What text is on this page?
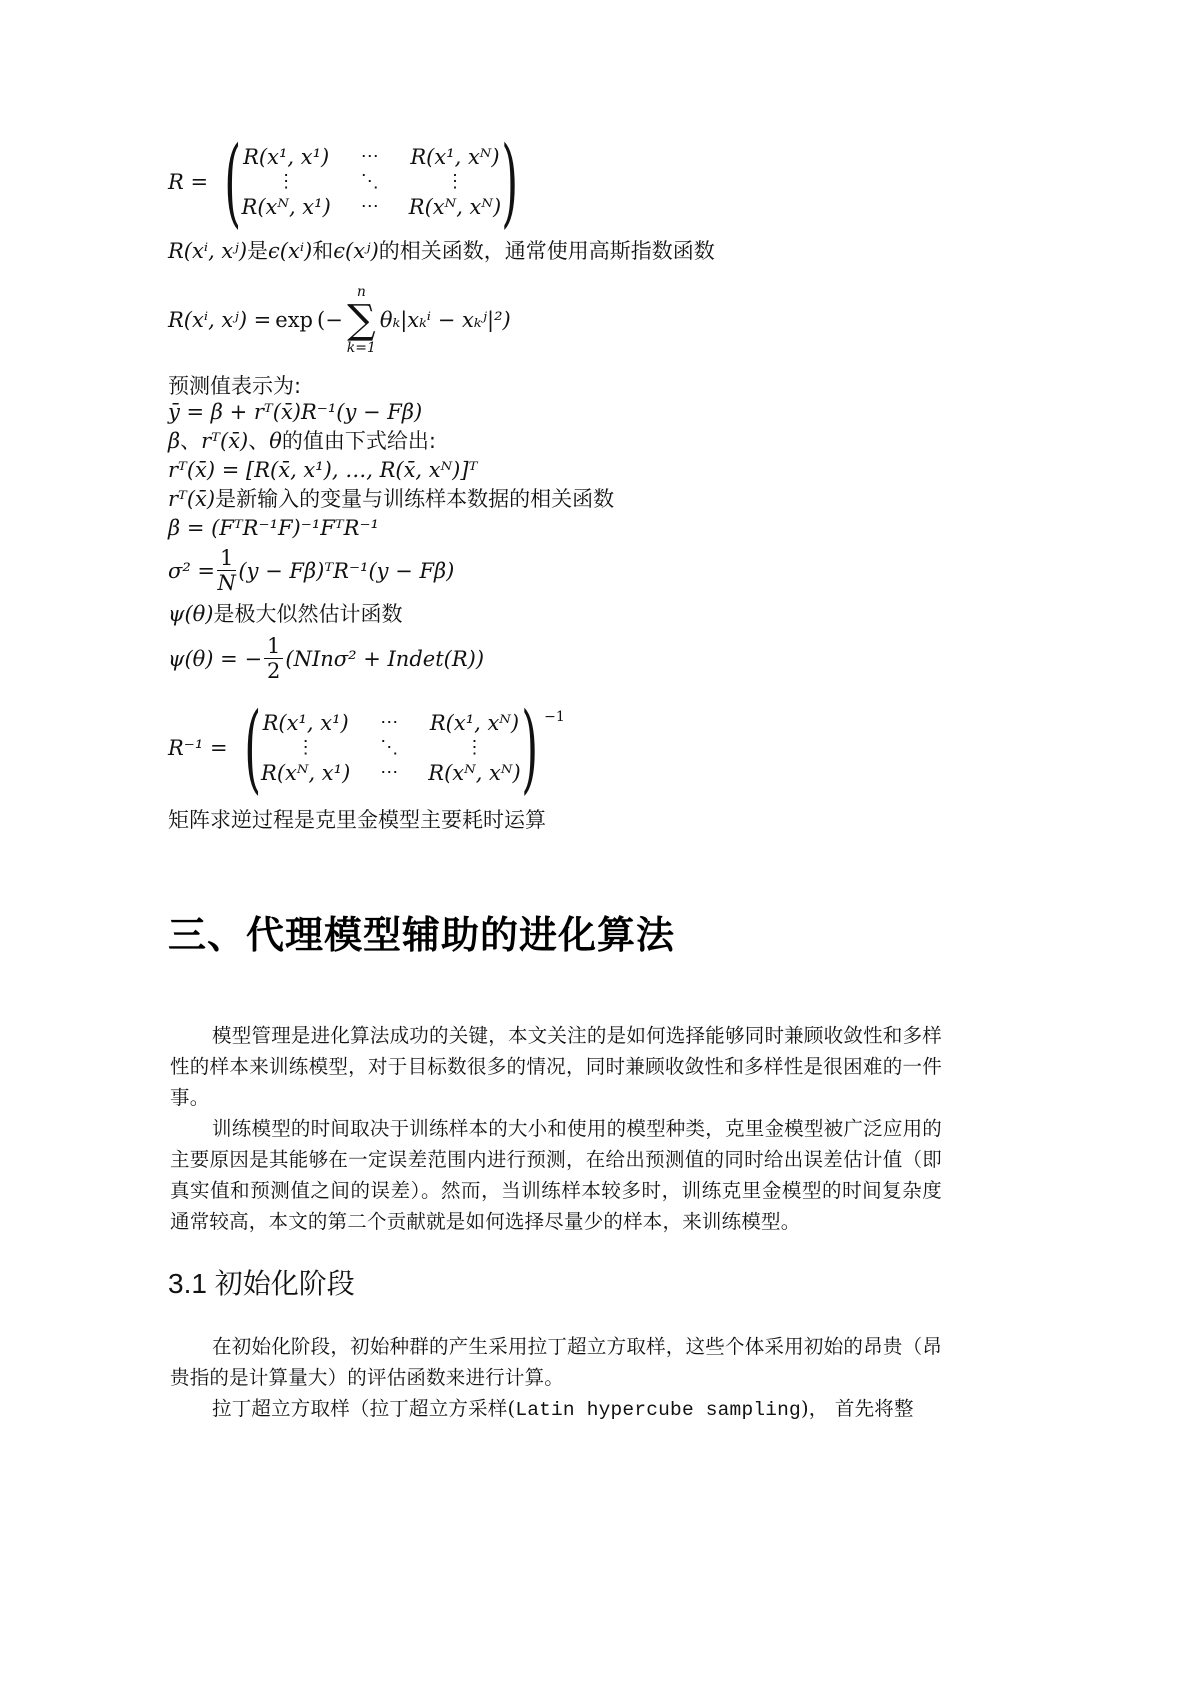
R = ( R(x¹, x¹) ⋯ R(x¹, xᴺ)
⋮	⋱	⋮
R(xᴺ, x¹) ⋯ R(xᴺ, xᴺ) )
R(xⁱ, xʲ)是ϵ(xⁱ)和ϵ(xʲ)的相关函数，通常使用高斯指数函数
R(xⁱ, xʲ) = exp (−
n
∑
k=1
θₖ|xₖⁱ − xₖʲ|²)
预测值表示为:
ȳ = β + rᵀ(x̄)R⁻¹(y − Fβ)
β、rᵀ(x̄)、θ的值由下式给出:
rᵀ(x̄) = [R(x̄, x¹), …, R(x̄, xᴺ)]ᵀ
rᵀ(x̄)是新输入的变量与训练样本数据的相关函数
β = (FᵀR⁻¹F)⁻¹FᵀR⁻¹
$\sigma^2 = \frac{1}{N} (y$ − Fβ)ᵀR⁻¹(y − Fβ)
ψ(θ)是极大似然估计函数
ψ(θ) = − $\frac{1}{2} (NIn\sigma^2 + Indet(R))$
R⁻¹ = ( R(x¹, x¹) ⋯ R(x¹, xᴺ)
⋮	⋱	⋮
R(xᴺ, x¹) ⋯ R(xᴺ, xᴺ) ) −1
矩阵求逆过程是克里金模型主要耗时运算
三、代理模型辅助的进化算法
模型管理是进化算法成功的关键，本文关注的是如何选择能够同时兼顾收敛性和多样性的样本来训练模型，对于目标数很多的情况，同时兼顾收敛性和多样性是很困难的一件事。
训练模型的时间取决于训练样本的大小和使用的模型种类，克里金模型被广泛应用的主要原因是其能够在一定误差范围内进行预测，在给出预测值的同时给出误差估计值（即真实值和预测值之间的误差）。然而，当训练样本较多时，训练克里金模型的时间复杂度通常较高，本文的第二个贡献就是如何选择尽量少的样本，来训练模型。
3.1 初始化阶段
在初始化阶段，初始种群的产生采用拉丁超立方取样，这些个体采用初始的昂贵（昂贵指的是计算量大）的评估函数来进行计算。
拉丁超立方取样（拉丁超立方采样(Latin hypercube sampling)， 首先将整
